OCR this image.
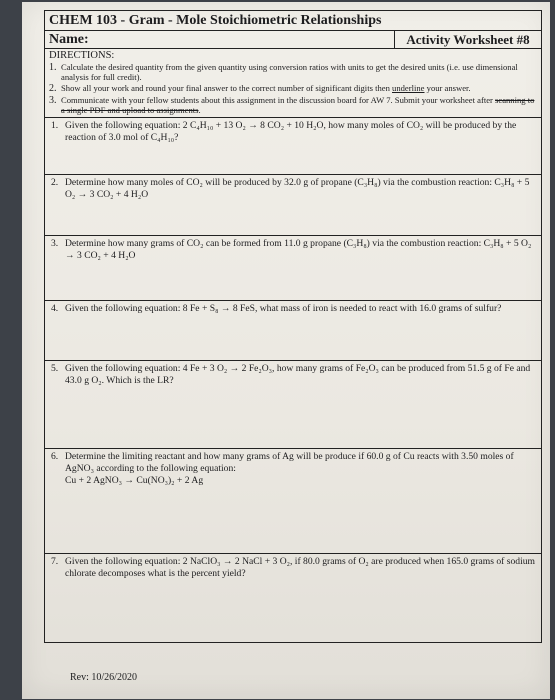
CHEM 103 - Gram - Mole Stoichiometric Relationships
Name:	Activity Worksheet #8
DIRECTIONS:
1. Calculate the desired quantity from the given quantity using conversion ratios with units to get the desired units (i.e. use dimensional analysis for full credit).
2. Show all your work and round your final answer to the correct number of significant digits then underline your answer.
3. Communicate with your fellow students about this assignment in the discussion board for AW 7. Submit your worksheet after scanning to a single PDF and upload to assignments.
1. Given the following equation: 2 C₄H₁₀ + 13 O₂ → 8 CO₂ + 10 H₂O, how many moles of CO₂ will be produced by the reaction of 3.0 mol of C₄H₁₀?
2. Determine how many moles of CO₂ will be produced by 32.0 g of propane (C₃H₈) via the combustion reaction: C₃H₈ + 5 O₂ → 3 CO₂ + 4 H₂O
3. Determine how many grams of CO₂ can be formed from 11.0 g propane (C₃H₈) via the combustion reaction: C₃H₈ + 5 O₂ → 3 CO₂ + 4 H₂O
4. Given the following equation: 8 Fe + S₈ → 8 FeS, what mass of iron is needed to react with 16.0 grams of sulfur?
5. Given the following equation: 4 Fe + 3 O₂ → 2 Fe₂O₃, how many grams of Fe₂O₃ can be produced from 51.5 g of Fe and 43.0 g O₂. Which is the LR?
6. Determine the limiting reactant and how many grams of Ag will be produce if 60.0 g of Cu reacts with 3.50 moles of AgNO₃ according to the following equation:
Cu + 2 AgNO₃ → Cu(NO₃)₂ + 2 Ag
7. Given the following equation: 2 NaClO₃ → 2 NaCl + 3 O₂, if 80.0 grams of O₂ are produced when 165.0 grams of sodium chlorate decomposes what is the percent yield?
Rev: 10/26/2020
